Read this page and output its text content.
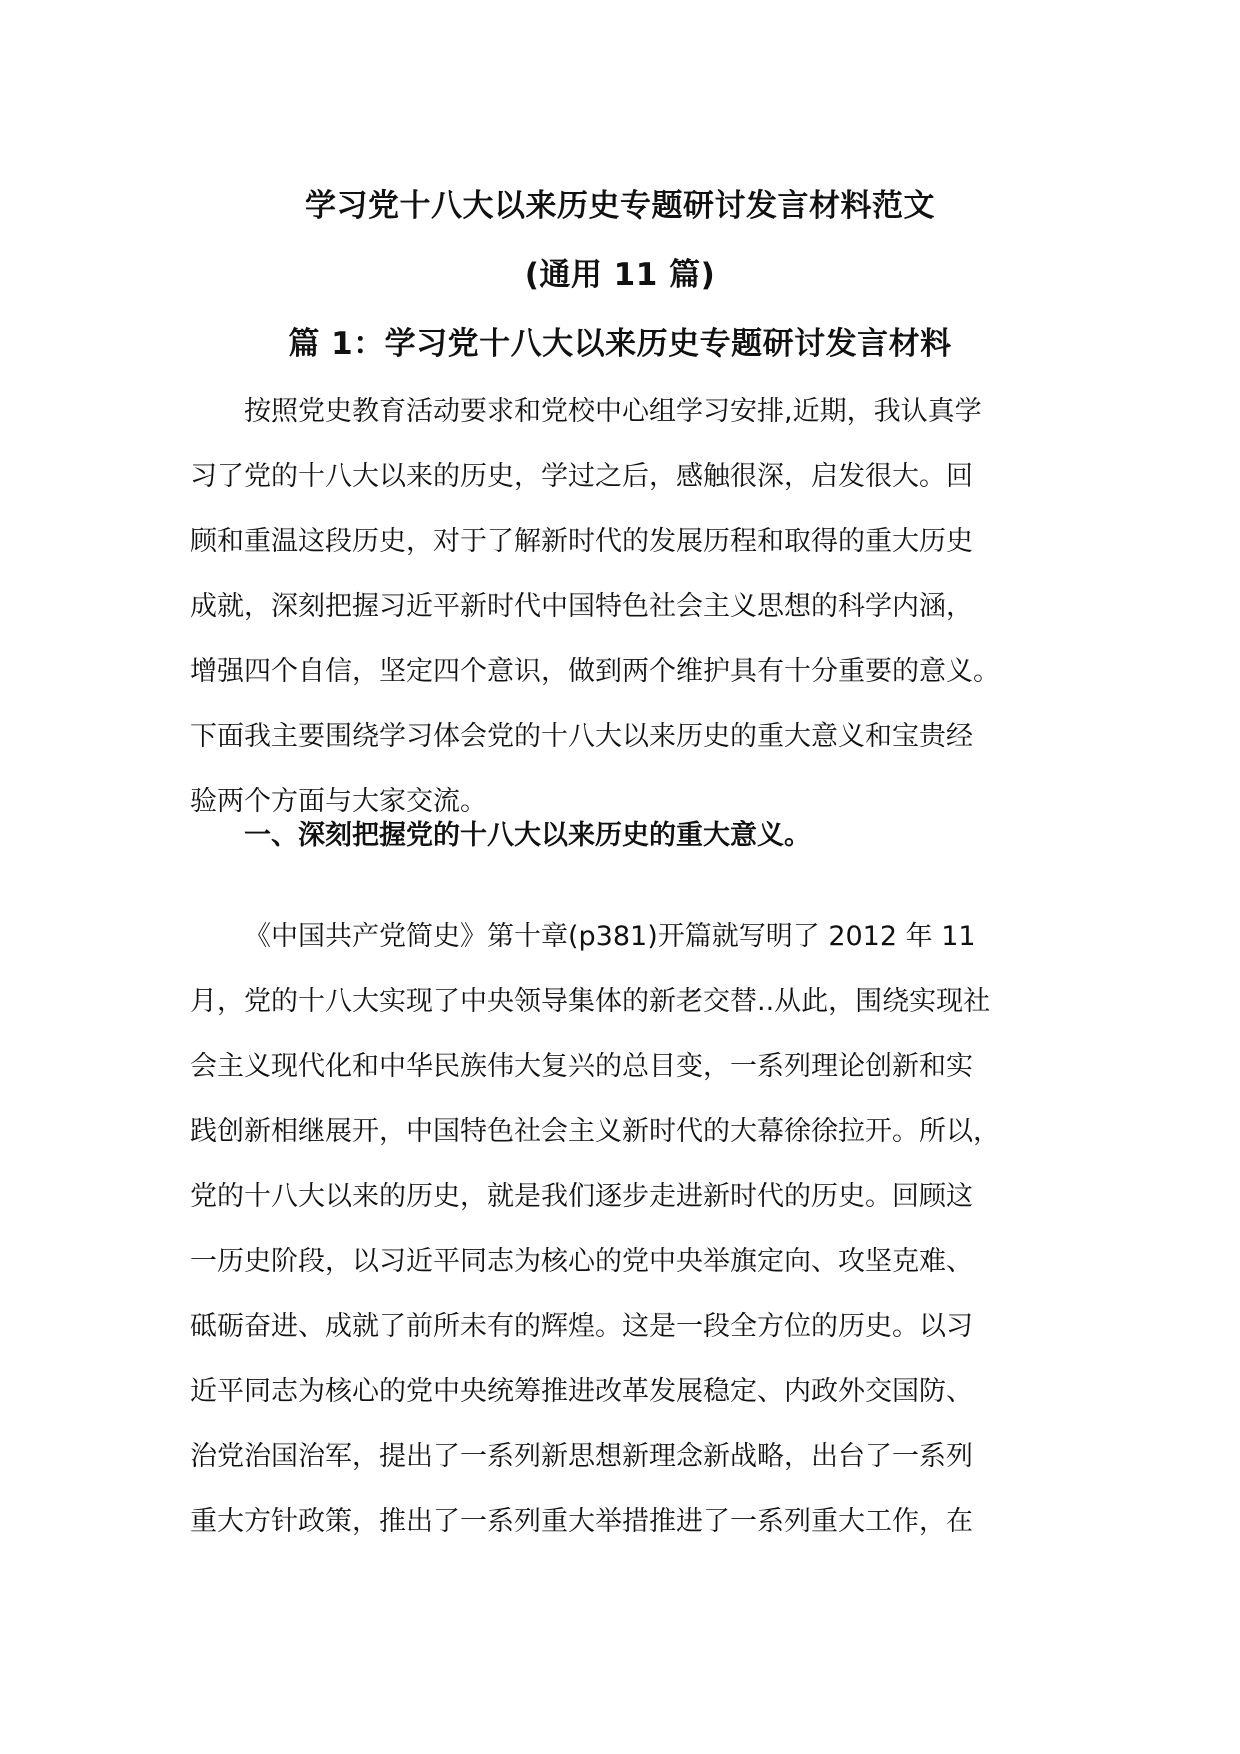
学习党十八大以来历史专题研讨发言材料范文
(通用 11 篇)
篇 1：学习党十八大以来历史专题研讨发言材料
按照党史教育活动要求和党校中心组学习安排,近期，我认真学
习了党的十八大以来的历史，学过之后，感触很深，启发很大。回
顾和重温这段历史，对于了解新时代的发展历程和取得的重大历史
成就，深刻把握习近平新时代中国特色社会主义思想的科学内涵，
增强四个自信，坚定四个意识，做到两个维护具有十分重要的意义。
下面我主要围绕学习体会党的十八大以来历史的重大意义和宝贵经
验两个方面与大家交流。
一、深刻把握党的十八大以来历史的重大意义。
《中国共产党简史》第十章(p381)开篇就写明了 2012 年 11
月，党的十八大实现了中央领导集体的新老交替..从此，围绕实现社
会主义现代化和中华民族伟大复兴的总目变，一系列理论创新和实
践创新相继展开，中国特色社会主义新时代的大幕徐徐拉开。所以，
党的十八大以来的历史，就是我们逐步走进新时代的历史。回顾这
一历史阶段，以习近平同志为核心的党中央举旗定向、攻坚克难、
砥砺奋进、成就了前所未有的辉煌。这是一段全方位的历史。以习
近平同志为核心的党中央统筹推进改革发展稳定、内政外交国防、
治党治国治军，提出了一系列新思想新理念新战略，出台了一系列
重大方针政策，推出了一系列重大举措推进了一系列重大工作，在
